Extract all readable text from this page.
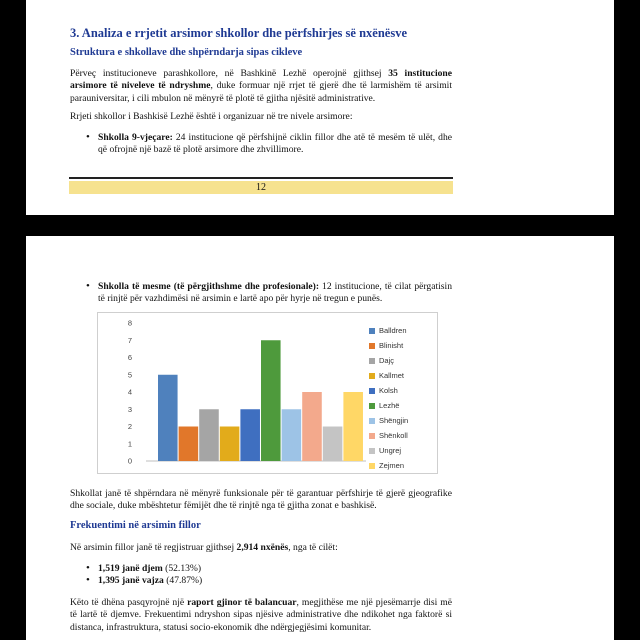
3. Analiza e rrjetit arsimor shkollor dhe përfshirjes së nxënësve
Struktura e shkollave dhe shpërndarja sipas cikleve
Përveç institucioneve parashkollore, në Bashkinë Lezhë operojnë gjithsej 35 institucione arsimore të niveleve të ndryshme, duke formuar një rrjet të gjerë dhe të larmishëm të arsimit parauniversitar, i cili mbulon në mënyrë të plotë të gjitha njësitë administrative.
Rrjeti shkollor i Bashkisë Lezhë është i organizuar në tre nivele arsimore:
• Shkolla 9-vjeçare: 24 institucione që përfshijnë ciklin fillor dhe atë të mesëm të ulët, dhe që ofrojnë një bazë të plotë arsimore dhe zhvillimore.
12
• Shkolla të mesme (të përgjithshme dhe profesionale): 12 institucione, të cilat përgatisin të rinjtë për vazhdimësi në arsimin e lartë apo për hyrje në tregun e punës.
0
1
2
3
4
5
6
7
8
Balldren
Blinisht
Dajç
Kallmet
Kolsh
Lezhë
Shëngjin
Shënkoll
Ungrej
Zejmen
Shkollat janë të shpërndara në mënyrë funksionale për të garantuar përfshirje të gjerë gjeografike dhe sociale, duke mbështetur fëmijët dhe të rinjtë nga të gjitha zonat e bashkisë.
Frekuentimi në arsimin fillor
Në arsimin fillor janë të regjistruar gjithsej 2,914 nxënës, nga të cilët:
• 1,519 janë djem (52.13%)
• 1,395 janë vajza (47.87%)
Këto të dhëna pasqyrojnë një raport gjinor të balancuar, megjithëse me një pjesëmarrje disi më të lartë të djemve. Frekuentimi ndryshon sipas njësive administrative dhe ndikohet nga faktorë si distanca, infrastruktura, statusi socio-ekonomik dhe ndërgjegjësimi komunitar.
